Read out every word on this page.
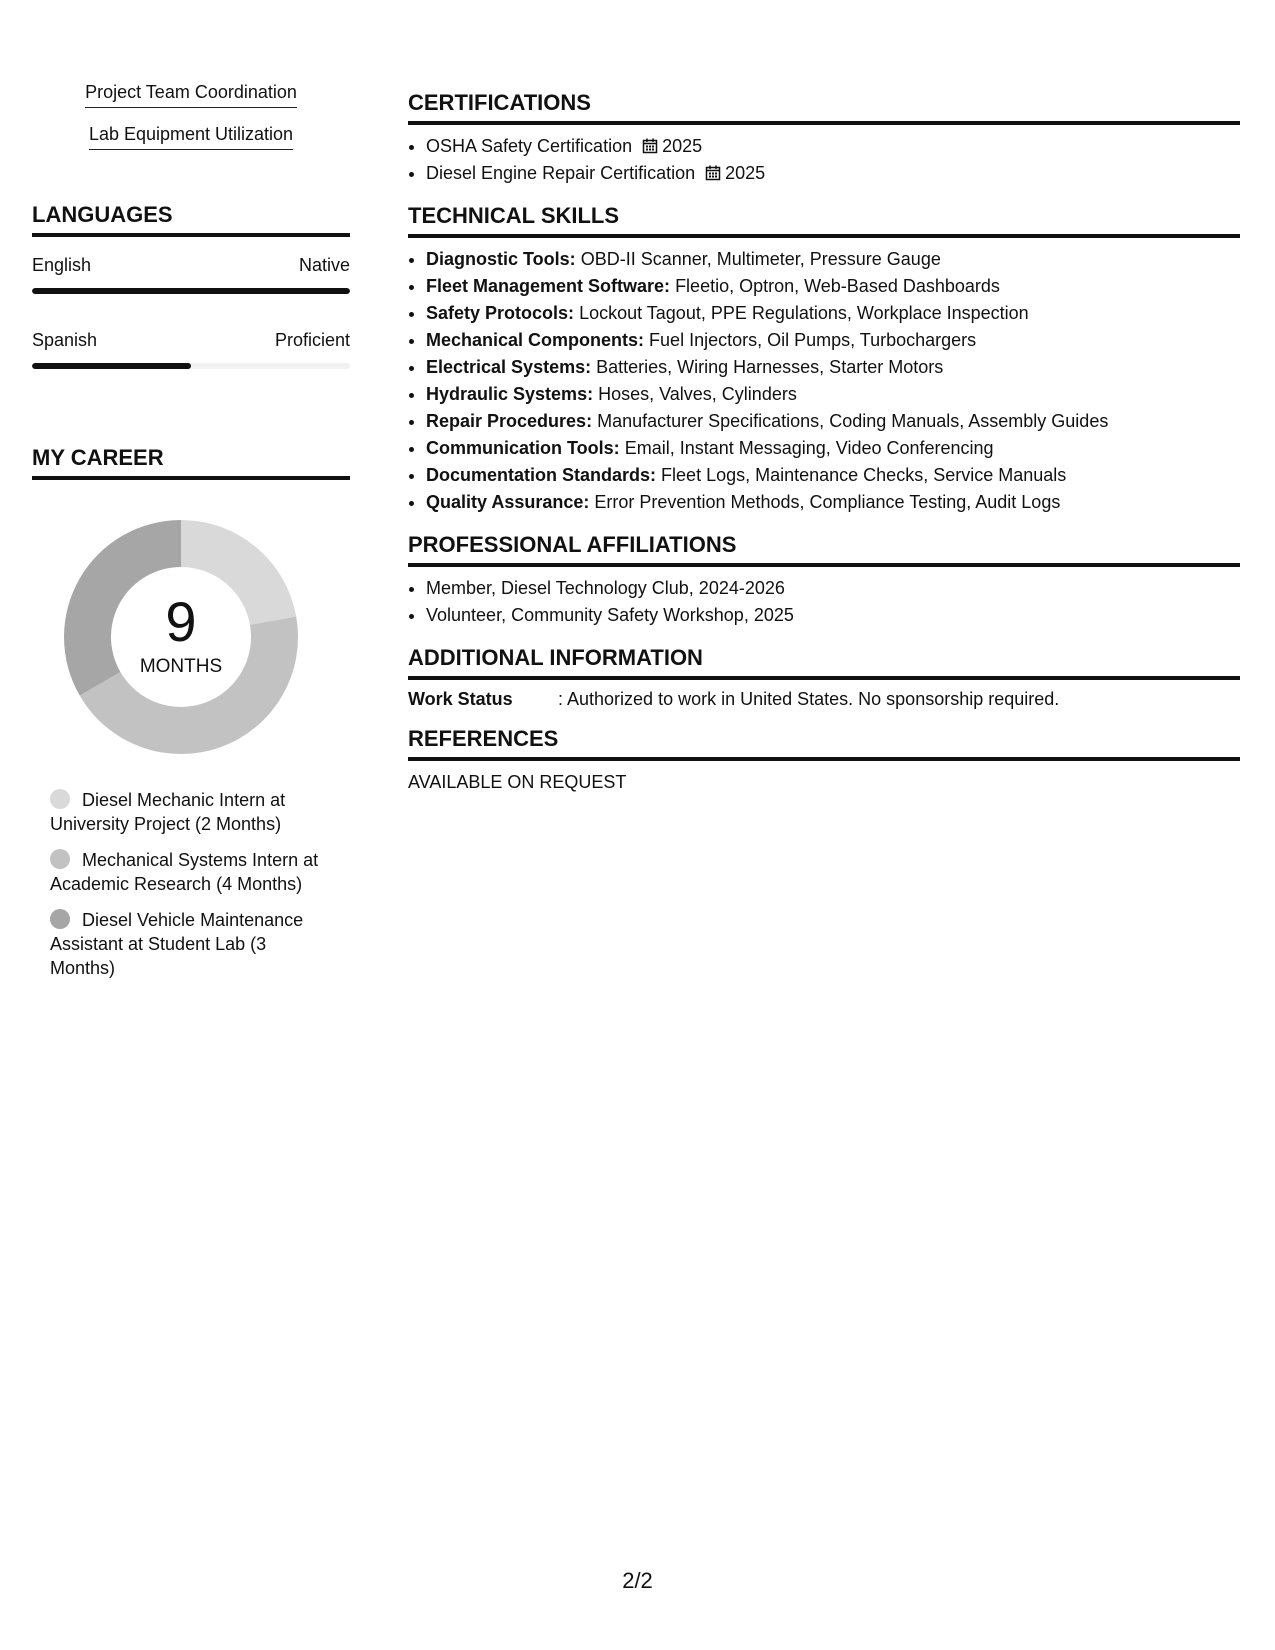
Project Team Coordination
Lab Equipment Utilization
LANGUAGES
English	Native
Spanish	Proficient
MY CAREER
9
MONTHS
Diesel Mechanic Intern at University Project (2 Months)
Mechanical Systems Intern at Academic Research (4 Months)
Diesel Vehicle Maintenance Assistant at Student Lab (3 Months)
CERTIFICATIONS
• OSHA Safety Certification 2025
• Diesel Engine Repair Certification 2025
TECHNICAL SKILLS
• Diagnostic Tools: OBD-II Scanner, Multimeter, Pressure Gauge
• Fleet Management Software: Fleetio, Optron, Web-Based Dashboards
• Safety Protocols: Lockout Tagout, PPE Regulations, Workplace Inspection
• Mechanical Components: Fuel Injectors, Oil Pumps, Turbochargers
• Electrical Systems: Batteries, Wiring Harnesses, Starter Motors
• Hydraulic Systems: Hoses, Valves, Cylinders
• Repair Procedures: Manufacturer Specifications, Coding Manuals, Assembly Guides
• Communication Tools: Email, Instant Messaging, Video Conferencing
• Documentation Standards: Fleet Logs, Maintenance Checks, Service Manuals
• Quality Assurance: Error Prevention Methods, Compliance Testing, Audit Logs
PROFESSIONAL AFFILIATIONS
• Member, Diesel Technology Club, 2024-2026
• Volunteer, Community Safety Workshop, 2025
ADDITIONAL INFORMATION
Work Status	: Authorized to work in United States. No sponsorship required.
REFERENCES
AVAILABLE ON REQUEST
2/2
